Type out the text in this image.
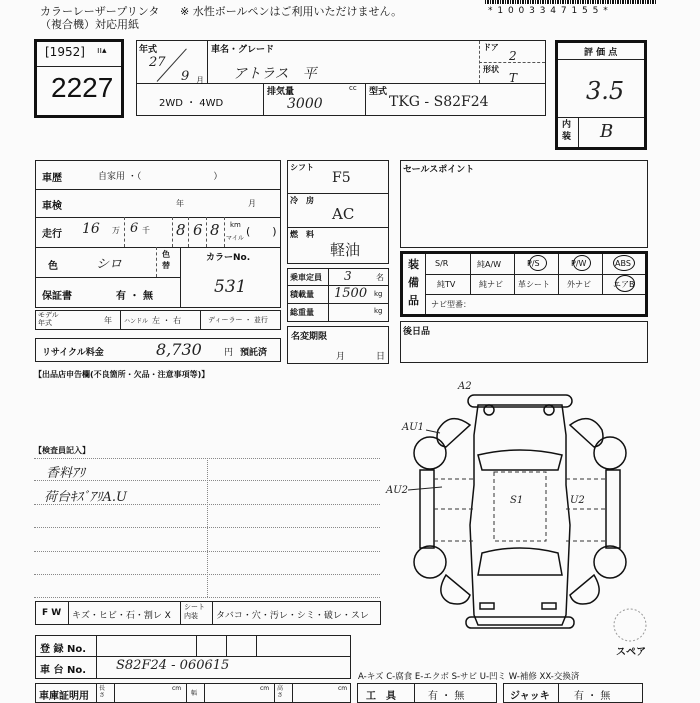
カラーレーザープリンタ
（複合機）対応用紙
※ 水性ボールペンはご利用いただけません。	* 1 0 0 3 3 4 7 1 5 5 *
[1952] ıı▴
2227
年式
27
9 月
車名・グレード
アトラス　平
ドア
2
形状
T
2WD ・ 4WD
排気量	cc
3000
型式
TKG - S82F24
評 価 点
3.5
内装 B
車歴	自家用 ・（　　　　　　　　）
車検	年	月
走行 16 万 6 千 8 6 8 km
マイル
(　　)
色	シロ
色替
カラーNo.
531
保証書	有 ・ 無
モデル年式	年 ハンドル 左 ・ 右	ディーラー ・ 並行
リサイクル料金	8,730 円 預託済
【出品店申告欄(不良箇所・欠品・注意事項等)】
シフト
F5
冷　房
AC
燃　料
軽油
乗車定員 3	名
積載量 1500 kg
総重量	kg
名変期限
月	日
セールスポイント
装備品
S/R	純A/W	P/S	P/W	ABS
純TV	純ナビ 革シート 外ナビ	エアB
ナビ型番：
後日品
【検査員記入】
香料ｱﾘ
荷台ｷｽﾞｱﾘA.U
A2
AU1
AU2
S1	U2
スペア
F W キズ・ヒビ・石・割レ X
シート内装	タバコ・穴・汚レ・シミ・破レ・スレ
登 録 No.
車 台 No. S82F24 - 060615
車庫証明用
長さ
cm
幅
cm 高さ
cm
A-キズ C-腐食 E-エクボ S-サビ U-凹ミ W-補修 XX-交換済
工　具	有 ・ 無	ジャッキ 有 ・ 無
